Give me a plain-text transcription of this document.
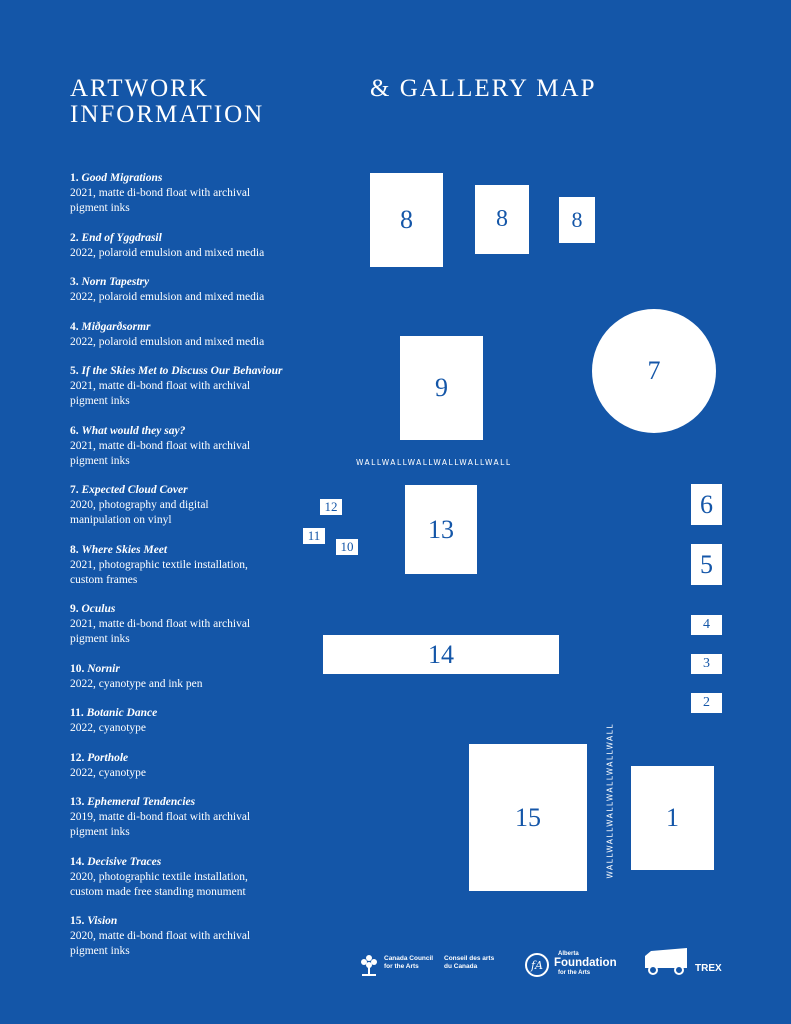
ARTWORK
INFORMATION
& GALLERY MAP
1. Good Migrations
2021, matte di-bond float with archival
pigment inks
2. End of Yggdrasil
2022, polaroid emulsion and mixed media
3. Norn Tapestry
2022, polaroid emulsion and mixed media
4. Miðgarðsormr
2022, polaroid emulsion and mixed media
5. If the Skies Met to Discuss Our Behaviour
2021, matte di-bond float with archival
pigment inks
6. What would they say?
2021, matte di-bond float with archival
pigment inks
7. Expected Cloud Cover
2020, photography and digital
manipulation on vinyl
8. Where Skies Meet
2021, photographic textile installation,
custom frames
9. Oculus
2021, matte di-bond float with archival
pigment inks
10. Nornir
2022, cyanotype and ink pen
11. Botanic Dance
2022, cyanotype
12. Porthole
2022, cyanotype
13. Ephemeral Tendencies
2019, matte di-bond float with archival
pigment inks
14. Decisive Traces
2020, photographic textile installation,
custom made free standing monument
15. Vision
2020, matte di-bond float with archival
pigment inks
8	8	8
9
7
WALLWALLWALLWALLWALLWALL
12
11
10
13
6
5
4
3
2
14
WALLWALLWALLWALLWALLWALL
15	1
Canada Council for the Arts
Conseil des arts du Canada	fA
Alberta
Foundation
for the Arts	TREX
